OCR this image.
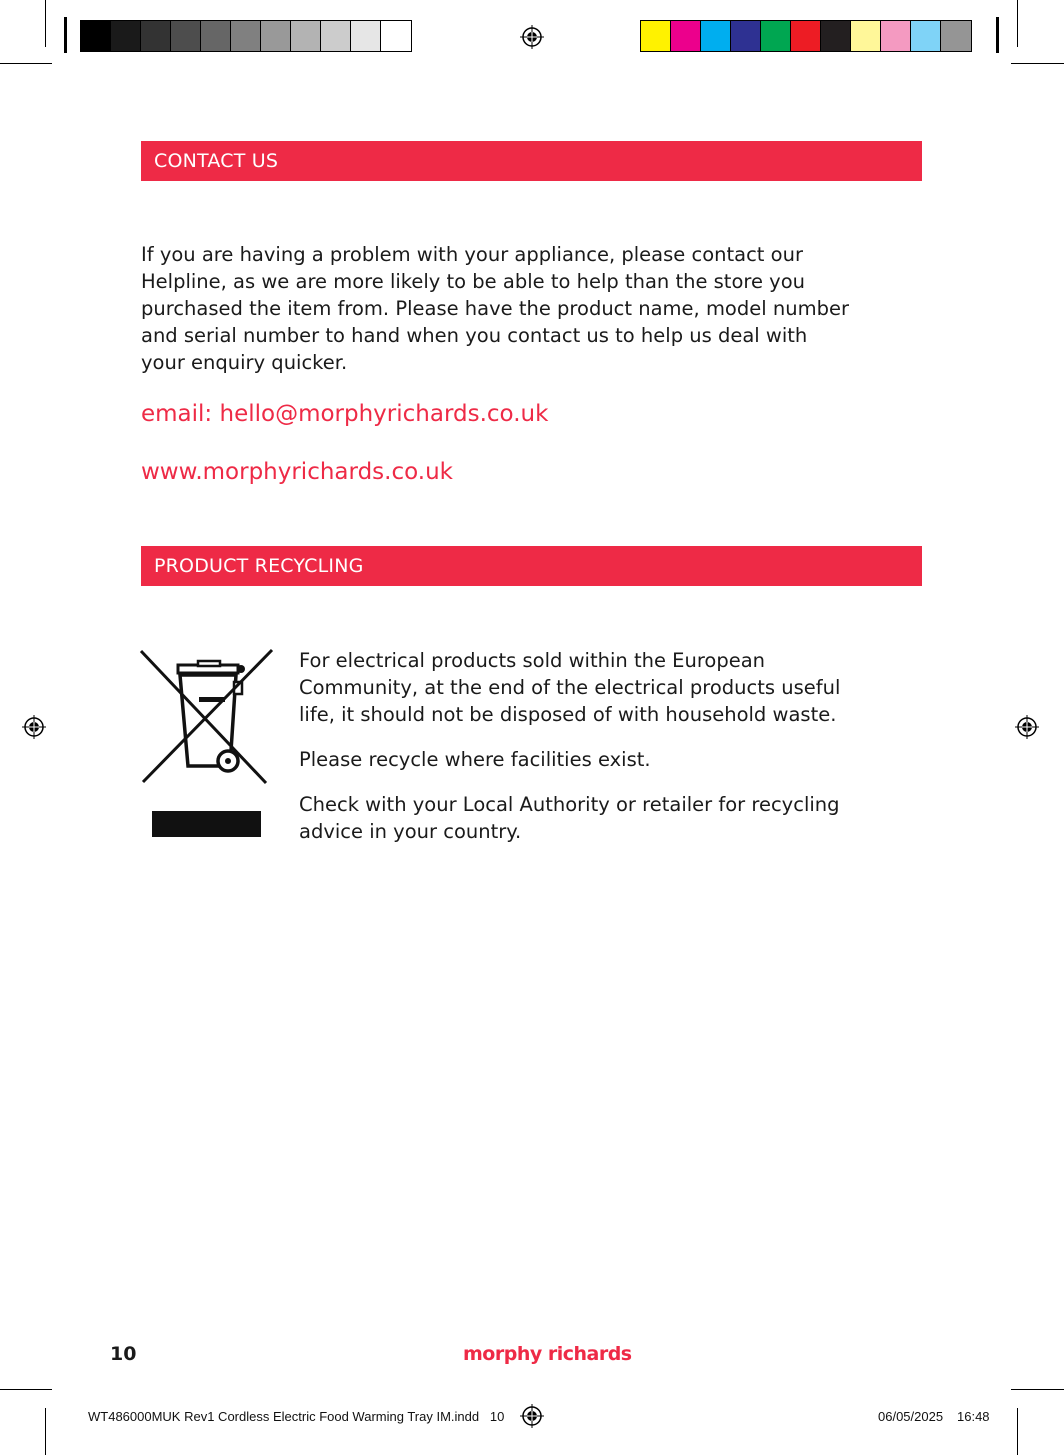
CONTACT US
If you are having a problem with your appliance, please contact our
Helpline, as we are more likely to be able to help than the store you
purchased the item from. Please have the product name, model number
and serial number to hand when you contact us to help us deal with
your enquiry quicker.
email: hello@morphyrichards.co.uk
www.morphyrichards.co.uk
PRODUCT RECYCLING
For electrical products sold within the European
Community, at the end of the electrical products useful
life, it should not be disposed of with household waste.
Please recycle where facilities exist.
Check with your Local Authority or retailer for recycling
advice in your country.
10	morphy richards
WT486000MUK Rev1 Cordless Electric Food Warming Tray IM.indd   10	06/05/2025 16:48
